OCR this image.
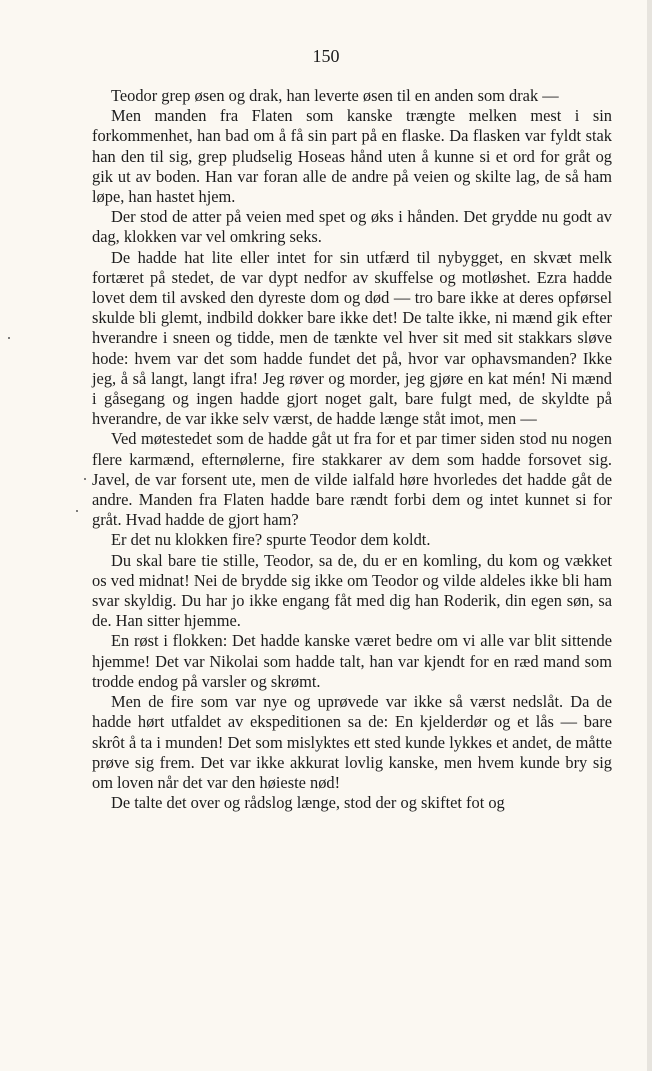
150

Teodor grep øsen og drak, han leverte øsen til en anden som drak —

Men manden fra Flaten som kanske trængte melken mest i sin forkommenhet, han bad om å få sin part på en flaske. Da flasken var fyldt stak han den til sig, grep pludselig Hoseas hånd uten å kunne si et ord for gråt og gik ut av boden. Han var foran alle de andre på veien og skilte lag, de så ham løpe, han hastet hjem.

Der stod de atter på veien med spet og øks i hånden. Det grydde nu godt av dag, klokken var vel omkring seks.

De hadde hat lite eller intet for sin utfærd til nybygget, en skvæt melk fortæret på stedet, de var dypt nedfor av skuffelse og motløshet. Ezra hadde lovet dem til avsked den dyreste dom og død — tro bare ikke at deres opførsel skulde bli glemt, indbild dokker bare ikke det! De talte ikke, ni mænd gik efter hverandre i sneen og tidde, men de tænkte vel hver sit med sit stakkars sløve hode: hvem var det som hadde fundet det på, hvor var ophavsmanden? Ikke jeg, å så langt, langt ifra! Jeg røver og morder, jeg gjøre en kat mén! Ni mænd i gåsegang og ingen hadde gjort noget galt, bare fulgt med, de skyldte på hverandre, de var ikke selv værst, de hadde længe ståt imot, men —

Ved møtestedet som de hadde gåt ut fra for et par timer siden stod nu nogen flere karmænd, efternølerne, fire stakkarer av dem som hadde forsovet sig. Javel, de var forsent ute, men de vilde ialfald høre hvorledes det hadde gåt de andre. Manden fra Flaten hadde bare rændt forbi dem og intet kunnet si for gråt. Hvad hadde de gjort ham?

Er det nu klokken fire? spurte Teodor dem koldt.

Du skal bare tie stille, Teodor, sa de, du er en komling, du kom og vækket os ved midnat! Nei de brydde sig ikke om Teodor og vilde aldeles ikke bli ham svar skyldig. Du har jo ikke engang fåt med dig han Roderik, din egen søn, sa de. Han sitter hjemme.

En røst i flokken: Det hadde kanske været bedre om vi alle var blit sittende hjemme! Det var Nikolai som hadde talt, han var kjendt for en ræd mand som trodde endog på varsler og skrømt.

Men de fire som var nye og uprøvede var ikke så værst nedslåt. Da de hadde hørt utfaldet av ekspeditionen sa de: En kjelderdør og et lås — bare skrôt å ta i munden! Det som mislyktes ett sted kunde lykkes et andet, de måtte prøve sig frem. Det var ikke akkurat lovlig kanske, men hvem kunde bry sig om loven når det var den høieste nød!

De talte det over og rådslog længe, stod der og skiftet fot og
